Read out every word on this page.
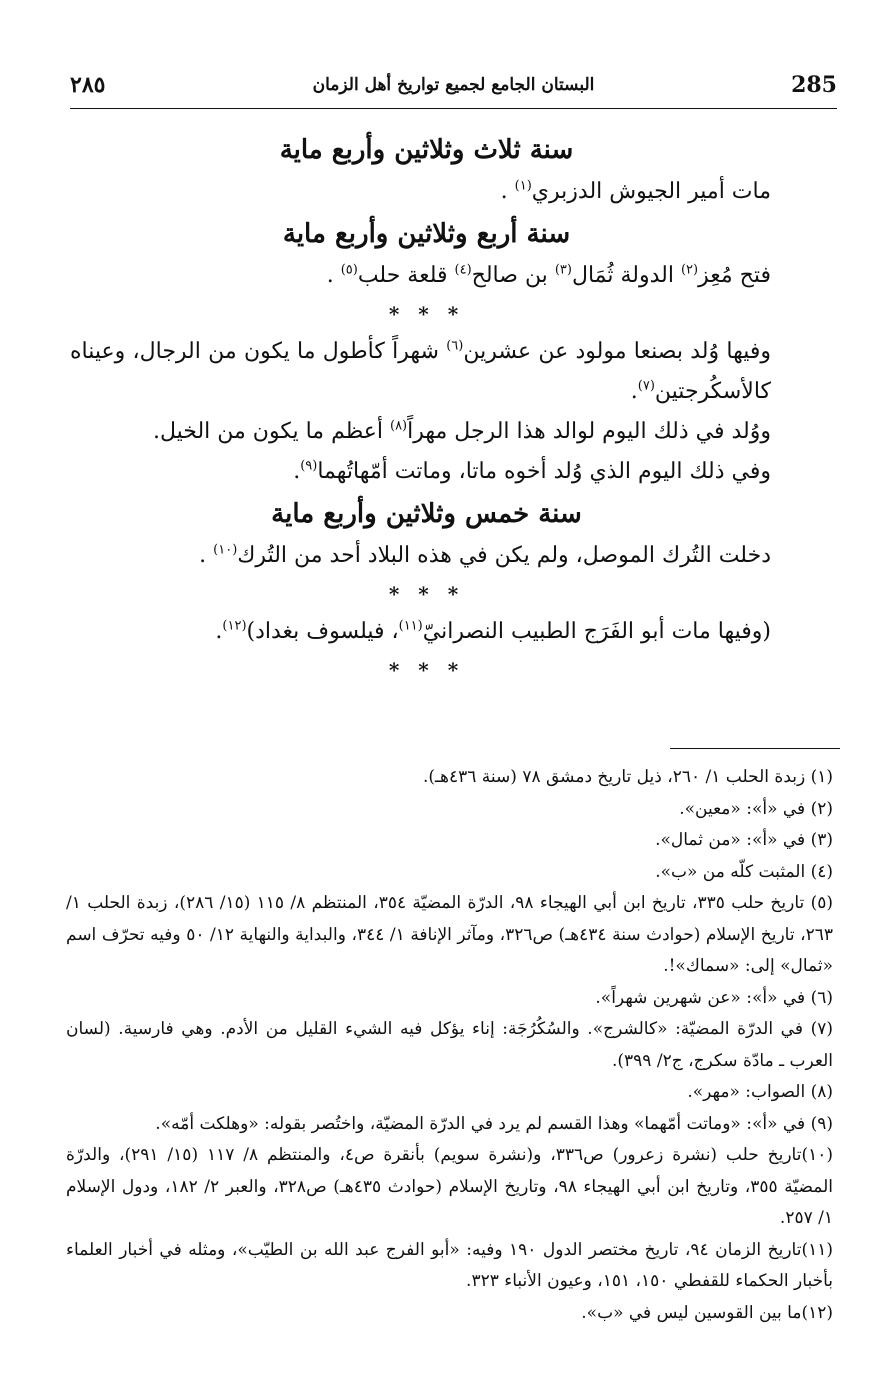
285
البستان الجامع لجميع تواريخ أهل الزمان
٢٨٥
سنة ثلاث وثلاثين وأربع ماية
مات أمير الجيوش الدزبري$^{(١)}$ .
سنة أربع وثلاثين وأربع ماية
فتح مُعِز$^{(٢)}$ الدولة ثُمَال$^{(٣)}$ بن صالح$^{(٤)}$ قلعة حلب$^{(٥)}$ .
* * *
وفيها وُلد بصنعا مولود عن عشرين$^{(٦)}$ شهراً كأطول ما يكون من الرجال، وعيناه كالأسكُرجتين$^{(٧)}$.
ووُلد في ذلك اليوم لوالد هذا الرجل مهراً$^{(٨)}$ أعظم ما يكون من الخيل.
وفي ذلك اليوم الذي وُلد أخوه ماتا، وماتت أمّهاتُهما$^{(٩)}$.
سنة خمس وثلاثين وأربع ماية
دخلت التُرك الموصل، ولم يكن في هذه البلاد أحد من التُرك$^{(١٠)}$ .
* * *
(وفيها مات أبو الفَرَج الطبيب النصرانيّ$^{(١١)}$، فيلسوف بغداد)$^{(١٢)}$.
* * *
(١) زبدة الحلب ١/ ٢٦٠، ذيل تاريخ دمشق ٧٨ (سنة ٤٣٦هـ).
(٢) في «أ»: «معين».
(٣) في «أ»: «من ثمال».
(٤) المثبت كلّه من «ب».
(٥) تاريخ حلب ٣٣٥، تاريخ ابن أبي الهيجاء ٩٨، الدرّة المضيّة ٣٥٤، المنتظم ٨/ ١١٥ (١٥/ ٢٨٦)، زبدة الحلب ١/ ٢٦٣، تاريخ الإسلام (حوادث سنة ٤٣٤هـ) ص٣٢٦، ومآثر الإنافة ١/ ٣٤٤، والبداية والنهاية ١٢/ ٥٠ وفيه تحرّف اسم «ثمال» إلى: «سماك»!.
(٦) في «أ»: «عن شهرين شهراً».
(٧) في الدرّة المضيّة: «كالشرج». والسُكُرُجَة: إناء يؤكل فيه الشيء القليل من الأدم. وهي فارسية. (لسان العرب ـ مادّة سكرج، ج٢/ ٣٩٩).
(٨) الصواب: «مهر».
(٩) في «أ»: «وماتت أمّهما» وهذا القسم لم يرد في الدرّة المضيّة، واختُصر بقوله: «وهلكت أمّه».
(١٠)تاريخ حلب (نشرة زعرور) ص٣٣٦، و(نشرة سويم) بأنقرة ص٤، والمنتظم ٨/ ١١٧ (١٥/ ٢٩١)، والدرّة المضيّة ٣٥٥، وتاريخ ابن أبي الهيجاء ٩٨، وتاريخ الإسلام (حوادث ٤٣٥هـ) ص٣٢٨، والعبر ٢/ ١٨٢، ودول الإسلام ١/ ٢٥٧.
(١١)تاريخ الزمان ٩٤، تاريخ مختصر الدول ١٩٠ وفيه: «أبو الفرج عبد الله بن الطيّب»، ومثله في أخبار العلماء بأخبار الحكماء للقفطي ١٥٠، ١٥١، وعيون الأنباء ٣٢٣.
(١٢)ما بين القوسين ليس في «ب».
